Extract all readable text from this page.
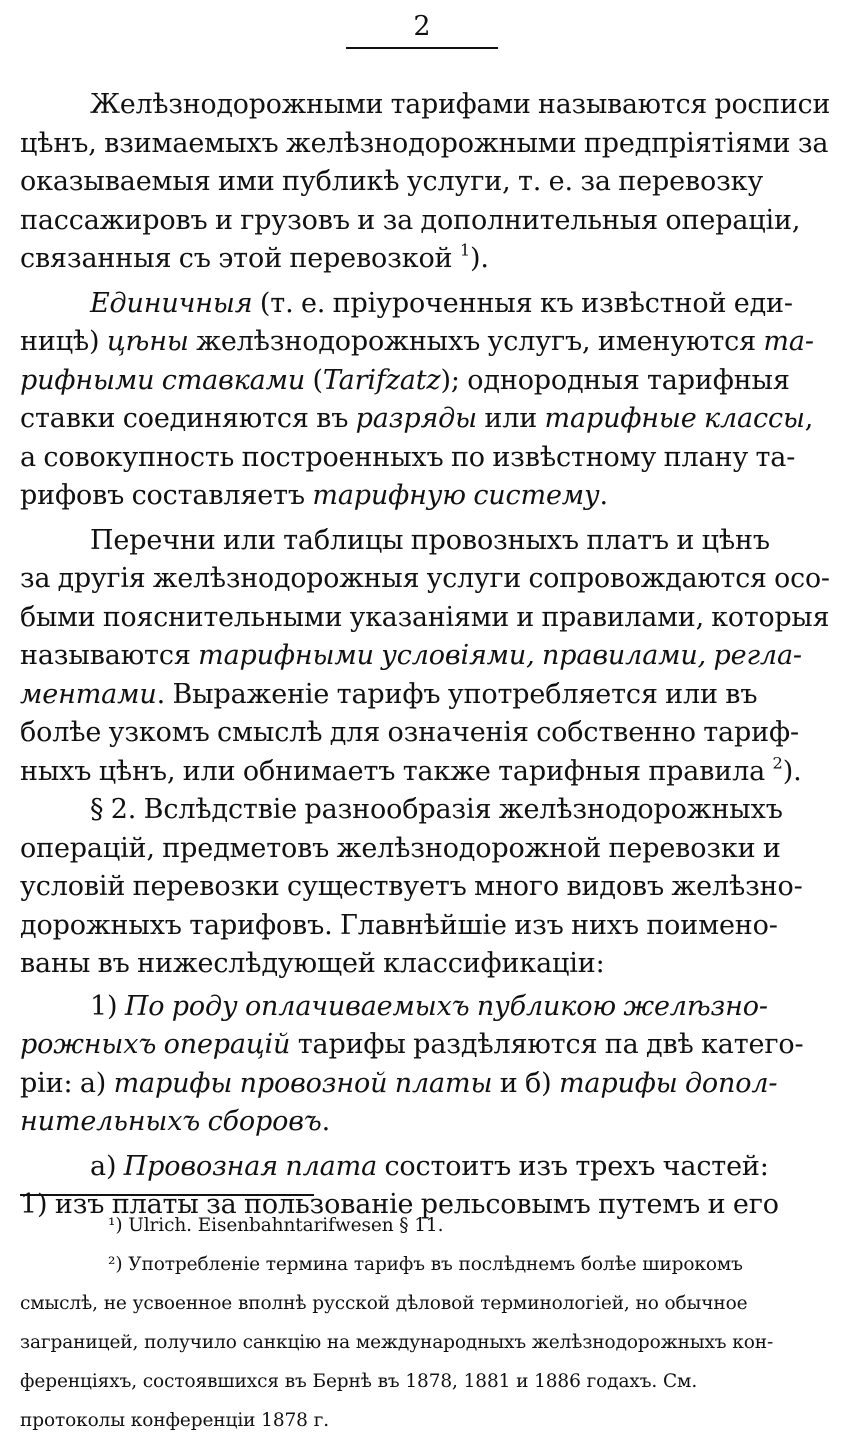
2
Желѣзнодорожными тарифами называются росписи
цѣнъ, взимаемыхъ желѣзнодорожными предпріятіями за
оказываемыя ими публикѣ услуги, т. е. за перевозку
пассажировъ и грузовъ и за дополнительныя операціи,
связанныя съ этой перевозкой $^1$).
Единичныя (т. е. пріуроченныя къ извѣстной еди-
ницѣ) цѣны желѣзнодорожныхъ услугъ, именуются та-
рифными ставками (Tarifzatz); однородныя тарифныя
ставки соединяются въ разряды или тарифные классы,
а совокупность построенныхъ по извѣстному плану та-
рифовъ составляетъ тарифную систему.
Перечни или таблицы провозныхъ платъ и цѣнъ
за другія желѣзнодорожныя услуги сопровождаются осо-
быми пояснительными указаніями и правилами, которыя
называются тарифными условіями, правилами, регла-
ментами. Выраженіе тарифъ употребляется или въ
болѣе узкомъ смыслѣ для означенія собственно тариф-
ныхъ цѣнъ, или обнимаетъ также тарифныя правила $^2$).
§ 2. Вслѣдствіе разнообразія желѣзнодорожныхъ
операцій, предметовъ желѣзнодорожной перевозки и
условій перевозки существуетъ много видовъ желѣзно-
дорожныхъ тарифовъ. Главнѣйшіе изъ нихъ поимено-
ваны въ нижеслѣдующей классификаціи:
1) По роду оплачиваемыхъ публикою желѣзно-
рожныхъ операцій тарифы раздѣляются па двѣ катего-
ріи: а) тарифы провозной платы и б) тарифы допол-
нительныхъ сборовъ.
а) Провозная плата состоитъ изъ трехъ частей:
1) изъ платы за пользованіе рельсовымъ путемъ и его
¹) Ulrich. Eisenbahntarifwesen § 11.
²) Употребленіе термина тарифъ въ послѣднемъ болѣе широкомъ
смыслѣ, не усвоенное вполнѣ русской дѣловой терминологіей, но обычное
заграницей, получило санкцію на международныхъ желѣзнодорожныхъ кон-
ференціяхъ, состоявшихся въ Бернѣ въ 1878, 1881 и 1886 годахъ. См.
протоколы конференціи 1878 г.
